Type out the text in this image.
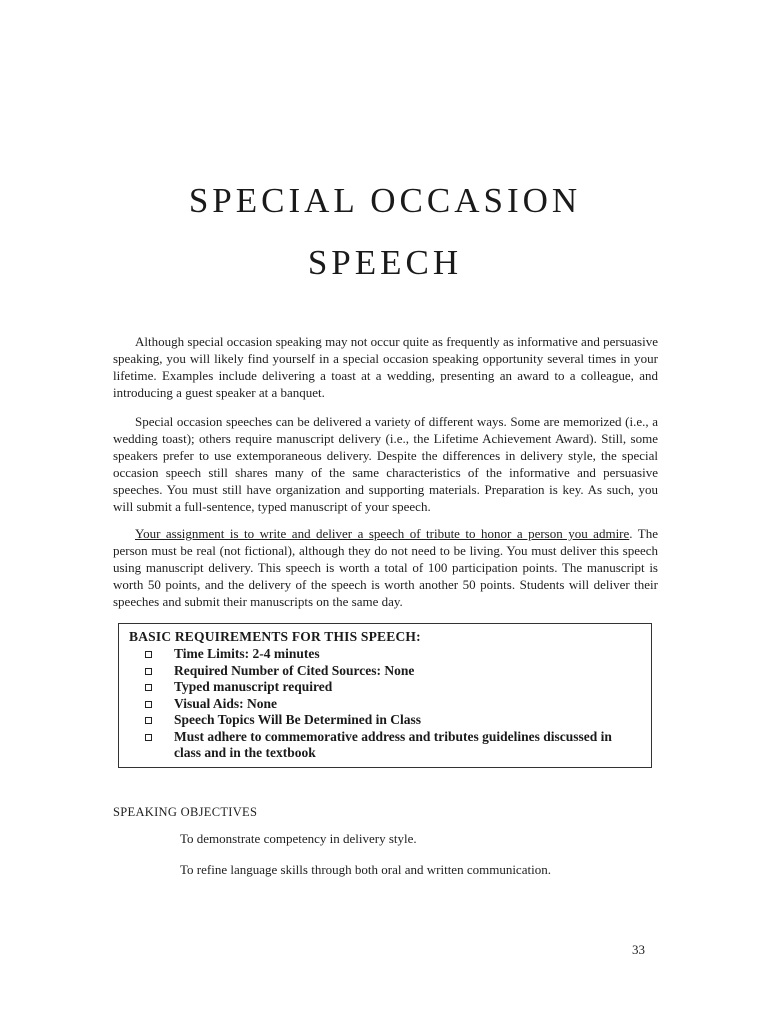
SPECIAL OCCASION
SPEECH

Although special occasion speaking may not occur quite as frequently as informative and persuasive speaking, you will likely find yourself in a special occasion speaking opportunity several times in your lifetime. Examples include delivering a toast at a wedding, presenting an award to a colleague, and introducing a guest speaker at a banquet.

Special occasion speeches can be delivered a variety of different ways. Some are memorized (i.e., a wedding toast); others require manuscript delivery (i.e., the Lifetime Achievement Award). Still, some speakers prefer to use extemporaneous delivery. Despite the differences in delivery style, the special occasion speech still shares many of the same characteristics of the informative and persuasive speeches. You must still have organization and supporting materials. Preparation is key. As such, you will submit a full-sentence, typed manuscript of your speech.

Your assignment is to write and deliver a speech of tribute to honor a person you admire. The person must be real (not fictional), although they do not need to be living. You must deliver this speech using manuscript delivery. This speech is worth a total of 100 participation points. The manuscript is worth 50 points, and the delivery of the speech is worth another 50 points. Students will deliver their speeches and submit their manuscripts on the same day.

BASIC REQUIREMENTS FOR THIS SPEECH:
Time Limits: 2-4 minutes
Required Number of Cited Sources: None
Typed manuscript required
Visual Aids: None
Speech Topics Will Be Determined in Class
Must adhere to commemorative address and tributes guidelines discussed in class and in the textbook
SPEAKING OBJECTIVES
To demonstrate competency in delivery style.
To refine language skills through both oral and written communication.
33
